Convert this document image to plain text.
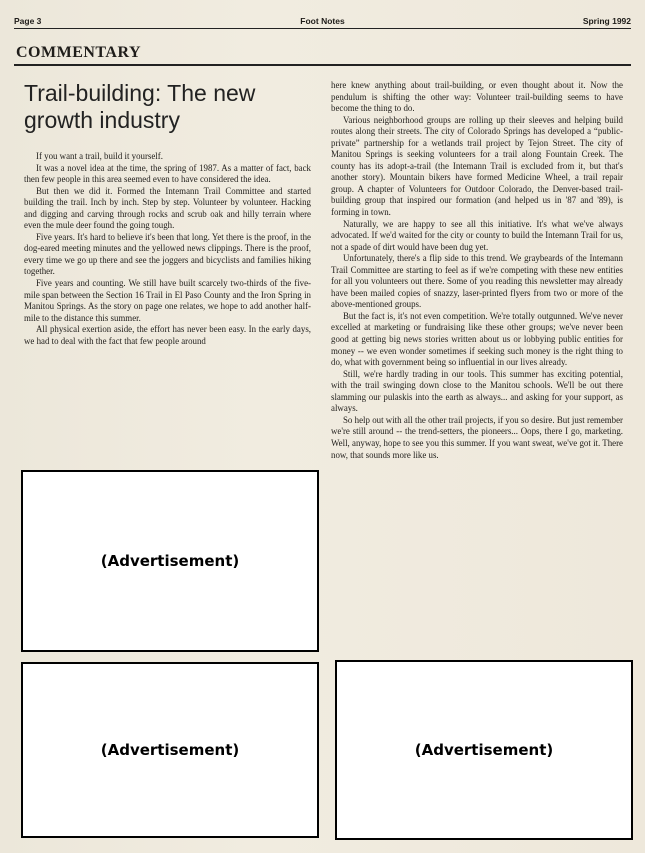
Page 3	Foot Notes	Spring 1992
COMMENTARY
Trail-building: The new growth industry

If you want a trail, build it yourself.

It was a novel idea at the time, the spring of 1987. As a matter of fact, back then few people in this area seemed even to have considered the idea.

But then we did it. Formed the Intemann Trail Committee and started building the trail. Inch by inch. Step by step. Volunteer by volunteer. Hacking and digging and carving through rocks and scrub oak and hilly terrain where even the mule deer found the going tough.

Five years. It's hard to believe it's been that long. Yet there is the proof, in the dog-eared meeting minutes and the yellowed news clippings. There is the proof, every time we go up there and see the joggers and bicyclists and families hiking together.

Five years and counting. We still have built scarcely two-thirds of the five-mile span between the Section 16 Trail in El Paso County and the Iron Spring in Manitou Springs. As the story on page one relates, we hope to add another half-mile to the distance this summer.

All physical exertion aside, the effort has never been easy. In the early days, we had to deal with the fact that few people around

here knew anything about trail-building, or even thought about it. Now the pendulum is shifting the other way: Volunteer trail-building seems to have become the thing to do.

Various neighborhood groups are rolling up their sleeves and helping build routes along their streets. The city of Colorado Springs has developed a “public-private” partnership for a wetlands trail project by Tejon Street. The city of Manitou Springs is seeking volunteers for a trail along Fountain Creek. The county has its adopt-a-trail (the Intemann Trail is excluded from it, but that's another story). Mountain bikers have formed Medicine Wheel, a trail repair group. A chapter of Volunteers for Outdoor Colorado, the Denver-based trail-building group that inspired our formation (and helped us in '87 and '89), is forming in town.

Naturally, we are happy to see all this initiative. It's what we've always advocated. If we'd waited for the city or county to build the Intemann Trail for us, not a spade of dirt would have been dug yet.

Unfortunately, there's a flip side to this trend. We graybeards of the Intemann Trail Committee are starting to feel as if we're competing with these new entities for all you volunteers out there. Some of you reading this newsletter may already have been mailed copies of snazzy, laser-printed flyers from two or more of the above-mentioned groups.

But the fact is, it's not even competition. We're totally outgunned. We've never excelled at marketing or fundraising like these other groups; we've never been good at getting big news stories written about us or lobbying public entities for money -- we even wonder sometimes if seeking such money is the right thing to do, what with government being so influential in our lives already.

Still, we're hardly trading in our tools. This summer has exciting potential, with the trail swinging down close to the Manitou schools. We'll be out there slamming our pulaskis into the earth as always... and asking for your support, as always.

So help out with all the other trail projects, if you so desire. But just remember we're still around -- the trend-setters, the pioneers... Oops, there I go, marketing. Well, anyway, hope to see you this summer. If you want sweat, we've got it. There now, that sounds more like us.

(Advertisement)
(Advertisement)	(Advertisement)
